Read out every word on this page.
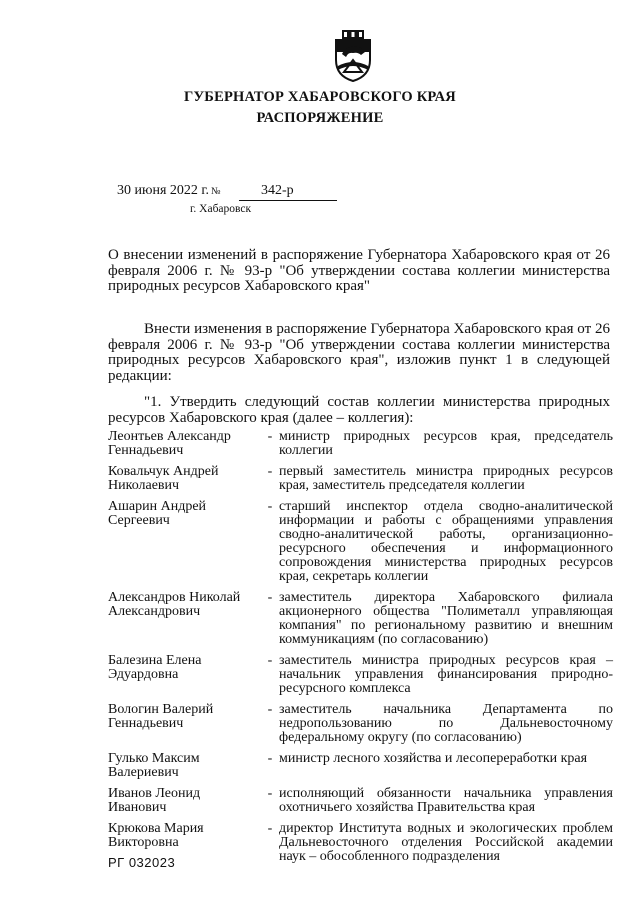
ГУБЕРНАТОР ХАБАРОВСКОГО КРАЯ
РАСПОРЯЖЕНИЕ
30 июня 2022 г. №	342-р
г. Хабаровск
О внесении изменений в распоряжение Губернатора Хабаровского края от 26 февраля 2006 г. № 93-р "Об утверждении состава коллегии министерства природных ресурсов Хабаровского края"
Внести изменения в распоряжение Губернатора Хабаровского края от 26 февраля 2006 г. № 93-р "Об утверждении состава коллегии министерства природных ресурсов Хабаровского края", изложив пункт 1 в следующей редакции:
"1. Утвердить следующий состав коллегии министерства природных ресурсов Хабаровского края (далее – коллегия):
Леонтьев Александр Геннадьевич
- министр природных ресурсов края, председатель коллегии
Ковальчук Андрей Николаевич
- первый заместитель министра природных ресурсов края, заместитель председателя коллегии
Ашарин Андрей Сергеевич
- старший инспектор отдела сводно-аналитической информации и работы с обращениями управления сводно-аналитической работы, организационно-ресурсного обеспечения и информационного сопровождения министерства природных ресурсов края, секретарь коллегии
Александров Николай Александрович
- заместитель директора Хабаровского филиала акционерного общества "Полиметалл управляющая компания" по региональному развитию и внешним коммуникациям (по согласованию)
Балезина Елена Эдуардовна
- заместитель министра природных ресурсов края – начальник управления финансирования природно-ресурсного комплекса
Вологин Валерий Геннадьевич
- заместитель начальника Департамента по недропользованию по Дальневосточному федеральному округу (по согласованию)
Гулько Максим Валериевич
- министр лесного хозяйства и лесопереработки края
Иванов Леонид Иванович
- исполняющий обязанности начальника управления охотничьего хозяйства Правительства края
Крюкова Мария Викторовна
- директор Института водных и экологических проблем Дальневосточного отделения Российской академии наук – обособленного подразделения
РГ 032023
